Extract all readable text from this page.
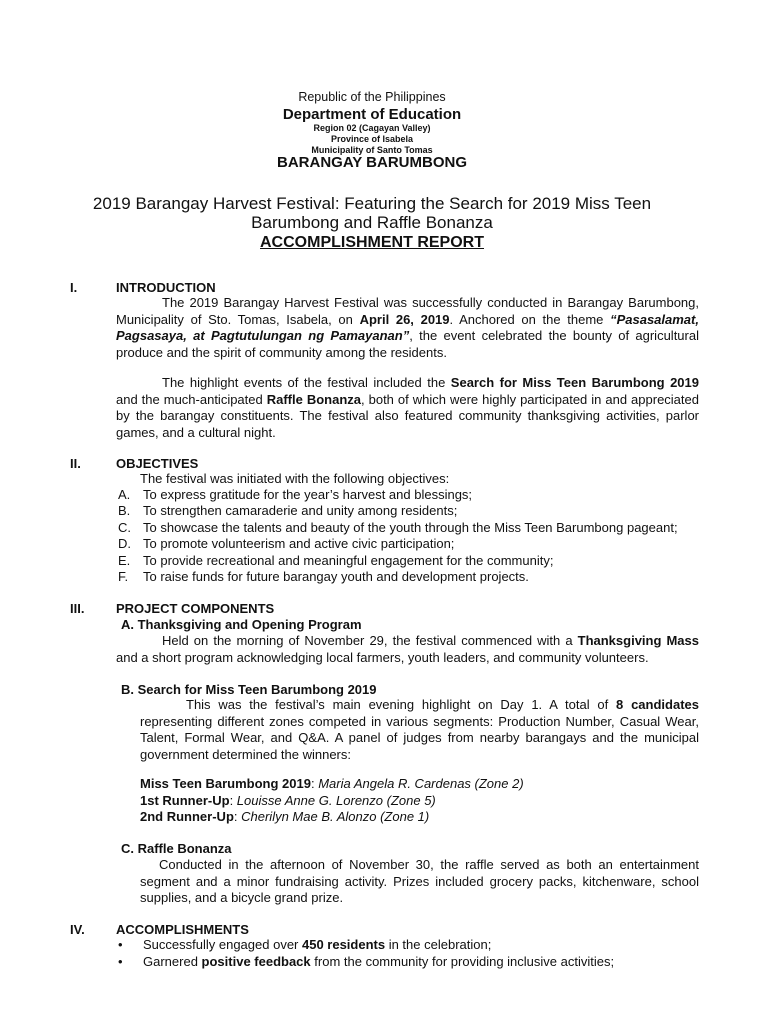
Republic of the Philippines
Department of Education
Region 02 (Cagayan Valley)
Province of Isabela
Municipality of Santo Tomas
BARANGAY BARUMBONG
2019 Barangay Harvest Festival: Featuring the Search for 2019 Miss Teen Barumbong and Raffle Bonanza
ACCOMPLISHMENT REPORT
I.	INTRODUCTION
The 2019 Barangay Harvest Festival was successfully conducted in Barangay Barumbong, Municipality of Sto. Tomas, Isabela, on April 26, 2019. Anchored on the theme “Pasasalamat, Pagsasaya, at Pagtutulungan ng Pamayanan”, the event celebrated the bounty of agricultural produce and the spirit of community among the residents.
The highlight events of the festival included the Search for Miss Teen Barumbong 2019 and the much-anticipated Raffle Bonanza, both of which were highly participated in and appreciated by the barangay constituents. The festival also featured community thanksgiving activities, parlor games, and a cultural night.
II.	OBJECTIVES
The festival was initiated with the following objectives:
A. To express gratitude for the year’s harvest and blessings;
B. To strengthen camaraderie and unity among residents;
C. To showcase the talents and beauty of the youth through the Miss Teen Barumbong pageant;
D. To promote volunteerism and active civic participation;
E. To provide recreational and meaningful engagement for the community;
F. To raise funds for future barangay youth and development projects.
III. PROJECT COMPONENTS
A. Thanksgiving and Opening Program
Held on the morning of November 29, the festival commenced with a Thanksgiving Mass and a short program acknowledging local farmers, youth leaders, and community volunteers.
B. Search for Miss Teen Barumbong 2019
This was the festival’s main evening highlight on Day 1. A total of 8 candidates representing different zones competed in various segments: Production Number, Casual Wear, Talent, Formal Wear, and Q&A. A panel of judges from nearby barangays and the municipal government determined the winners:
Miss Teen Barumbong 2019: Maria Angela R. Cardenas (Zone 2)
1st Runner-Up: Louisse Anne G. Lorenzo (Zone 5)
2nd Runner-Up: Cherilyn Mae B. Alonzo (Zone 1)
C. Raffle Bonanza
Conducted in the afternoon of November 30, the raffle served as both an entertainment segment and a minor fundraising activity. Prizes included grocery packs, kitchenware, school supplies, and a bicycle grand prize.
IV. ACCOMPLISHMENTS
• Successfully engaged over 450 residents in the celebration;
• Garnered positive feedback from the community for providing inclusive activities;
